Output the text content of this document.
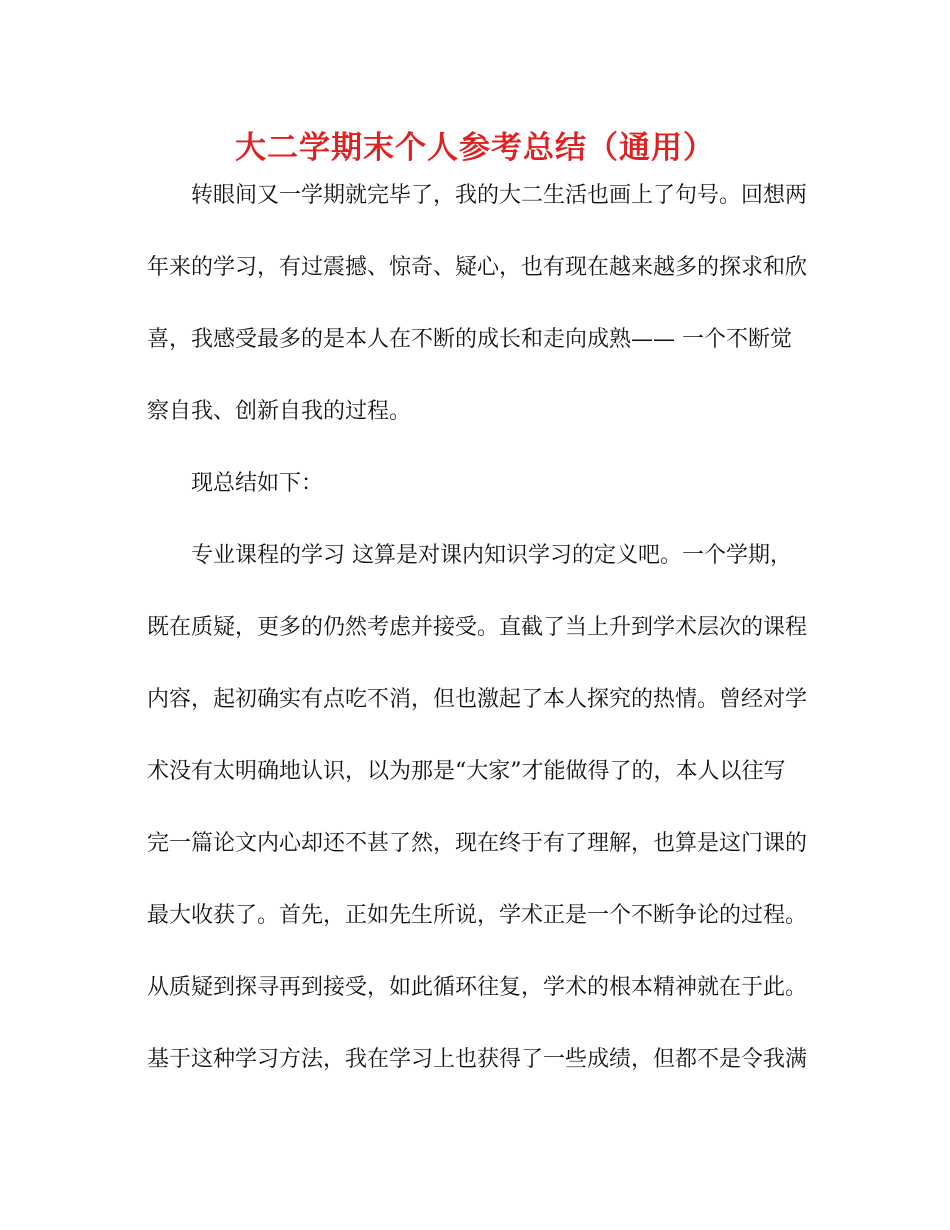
大二学期末个人参考总结（通用）
转眼间又一学期就完毕了，我的大二生活也画上了句号。回想两
年来的学习，有过震撼、惊奇、疑心，也有现在越来越多的探求和欣
喜，我感受最多的是本人在不断的成长和走向成熟—— 一个不断觉
察自我、创新自我的过程。
现总结如下：
专业课程的学习 这算是对课内知识学习的定义吧。一个学期，
既在质疑，更多的仍然考虑并接受。直截了当上升到学术层次的课程
内容，起初确实有点吃不消，但也激起了本人探究的热情。曾经对学
术没有太明确地认识，以为那是“大家”才能做得了的，本人以往写
完一篇论文内心却还不甚了然，现在终于有了理解，也算是这门课的
最大收获了。首先，正如先生所说，学术正是一个不断争论的过程。
从质疑到探寻再到接受，如此循环往复，学术的根本精神就在于此。
基于这种学习方法，我在学习上也获得了一些成绩，但都不是令我满
